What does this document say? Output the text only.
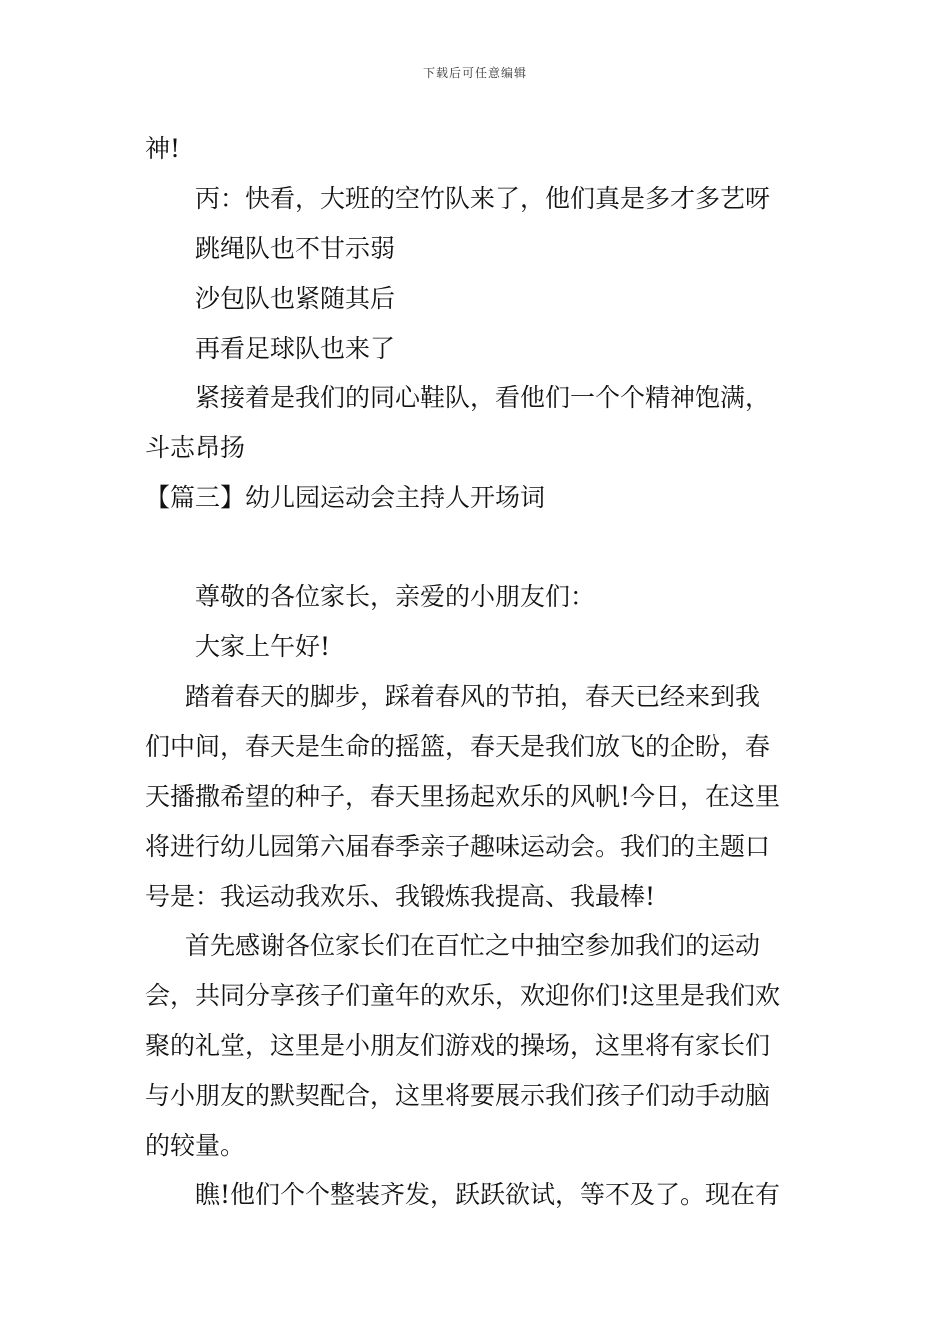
下载后可任意编辑
神!
丙：快看，大班的空竹队来了，他们真是多才多艺呀
跳绳队也不甘示弱
沙包队也紧随其后
再看足球队也来了
紧接着是我们的同心鞋队，看他们一个个精神饱满，
斗志昂扬
【篇三】幼儿园运动会主持人开场词
尊敬的各位家长，亲爱的小朋友们：
大家上午好!
踏着春天的脚步，踩着春风的节拍，春天已经来到我
们中间，春天是生命的摇篮，春天是我们放飞的企盼，春
天播撒希望的种子，春天里扬起欢乐的风帆!今日，在这里
将进行幼儿园第六届春季亲子趣味运动会。我们的主题口
号是：我运动我欢乐、我锻炼我提高、我最棒!
首先感谢各位家长们在百忙之中抽空参加我们的运动
会，共同分享孩子们童年的欢乐，欢迎你们!这里是我们欢
聚的礼堂，这里是小朋友们游戏的操场，这里将有家长们
与小朋友的默契配合，这里将要展示我们孩子们动手动脑
的较量。
瞧!他们个个整装齐发，跃跃欲试，等不及了。现在有
